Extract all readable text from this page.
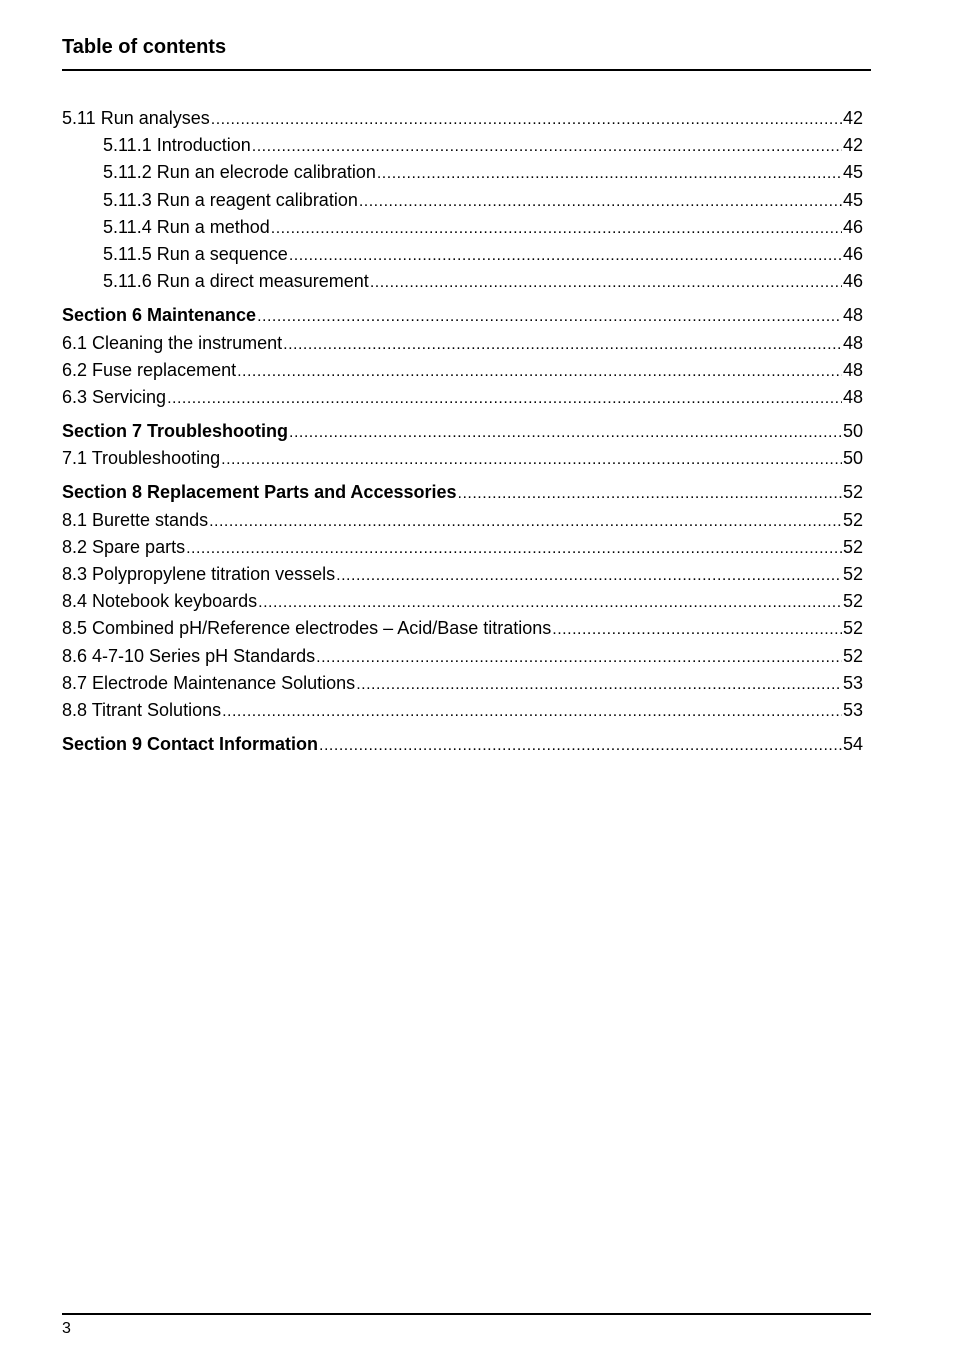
Table of contents
5.11 Run analyses .....	42
5.11.1 Introduction .....	42
5.11.2 Run an elecrode calibration .....	45
5.11.3 Run a reagent calibration .....	45
5.11.4 Run a method .....	46
5.11.5 Run a sequence .....	46
5.11.6 Run a direct measurement .....	46
Section 6 Maintenance .....	48
6.1 Cleaning the instrument .....	48
6.2 Fuse replacement .....	48
6.3 Servicing .....	48
Section 7 Troubleshooting .....	50
7.1 Troubleshooting .....	50
Section 8 Replacement Parts and Accessories .....	52
8.1 Burette stands .....	52
8.2 Spare parts .....	52
8.3 Polypropylene titration vessels .....	52
8.4 Notebook keyboards .....	52
8.5 Combined pH/Reference electrodes – Acid/Base titrations .....	52
8.6 4-7-10 Series pH Standards .....	52
8.7 Electrode Maintenance Solutions .....	53
8.8 Titrant Solutions .....	53
Section 9 Contact Information .....	54
3
